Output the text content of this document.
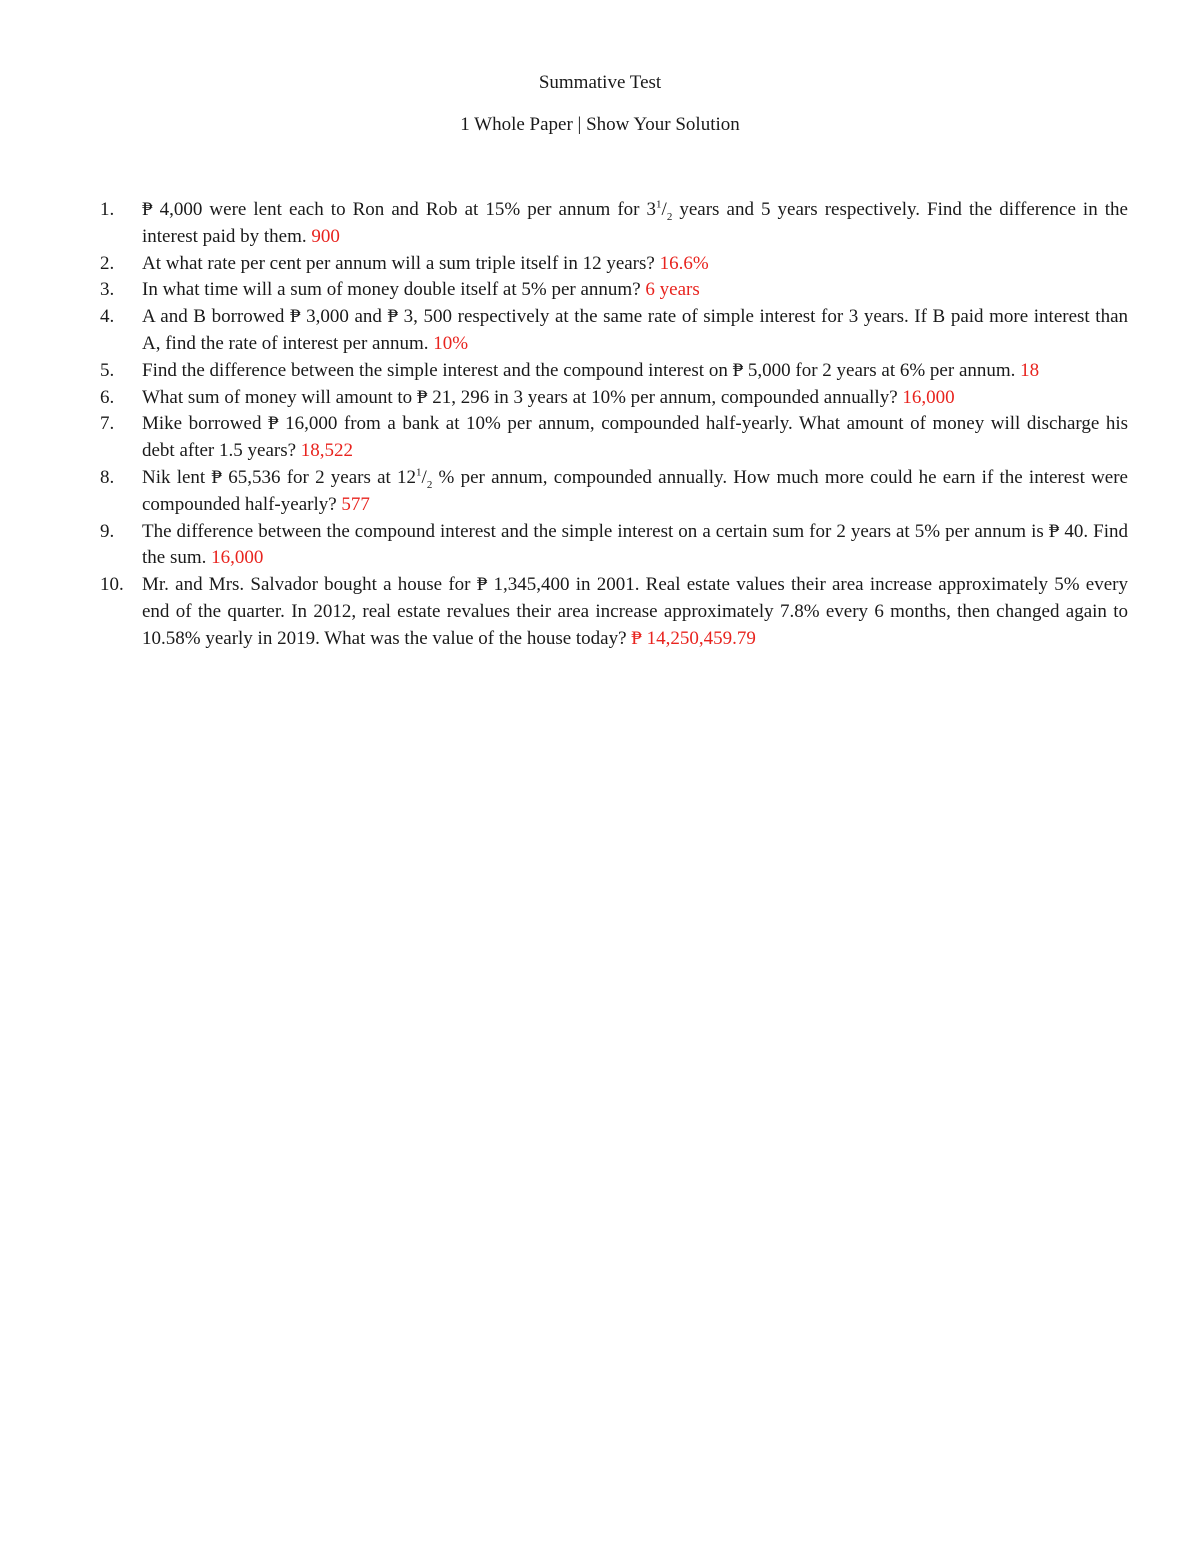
Summative Test
1 Whole Paper | Show Your Solution
1.	₱ 4,000 were lent each to Ron and Rob at 15% per annum for $3^1/_2$ years and 5 years respectively. Find the difference in the interest paid by them. 900
2.	At what rate per cent per annum will a sum triple itself in 12 years? 16.6%
3.	In what time will a sum of money double itself at 5% per annum? 6 years
4.	A and B borrowed ₱ 3,000 and ₱ 3, 500 respectively at the same rate of simple interest for 3 years. If B paid more interest than A, find the rate of interest per annum. 10%
5.	Find the difference between the simple interest and the compound interest on ₱ 5,000 for 2 years at 6% per annum. 18
6.	What sum of money will amount to ₱ 21, 296 in 3 years at 10% per annum, compounded annually? 16,000
7.	Mike borrowed ₱ 16,000 from a bank at 10% per annum, compounded half-yearly. What amount of money will discharge his debt after 1.5 years? 18,522
8.	Nik lent ₱ 65,536 for 2 years at $12^1/_2$ % per annum, compounded annually. How much more could he earn if the interest were compounded half-yearly? 577
9.	The difference between the compound interest and the simple interest on a certain sum for 2 years at 5% per annum is ₱ 40. Find the sum. 16,000
10. Mr. and Mrs. Salvador bought a house for ₱ 1,345,400 in 2001. Real estate values their area increase approximately 5% every end of the quarter. In 2012, real estate revalues their area increase approximately 7.8% every 6 months, then changed again to 10.58% yearly in 2019. What was the value of the house today? ₱ 14,250,459.79
